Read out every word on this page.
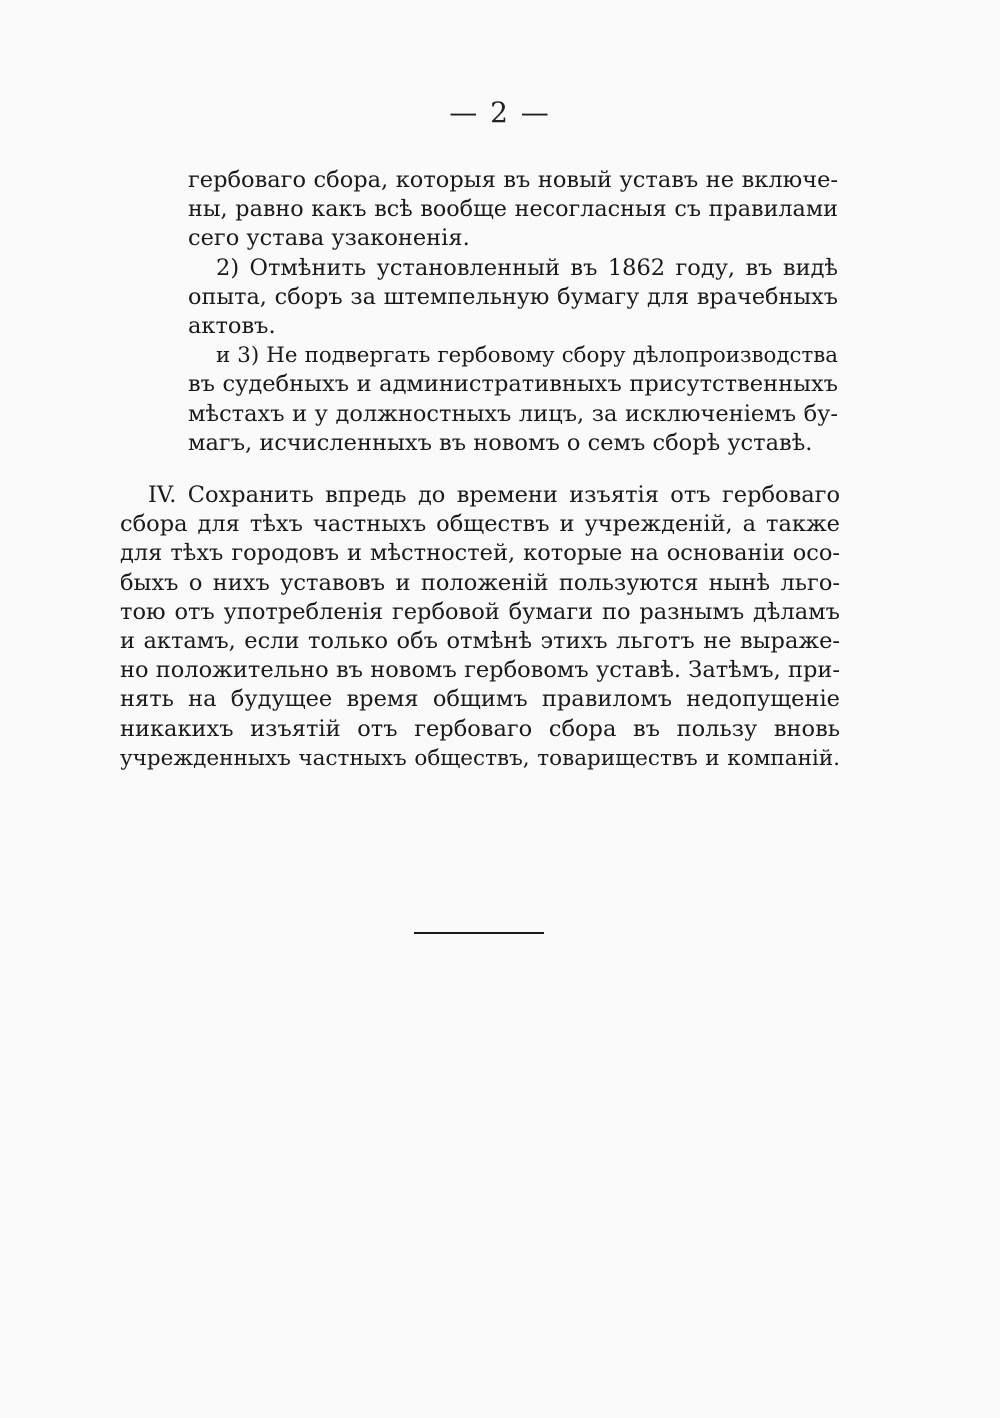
— 2 —
гербоваго сбора, которыя въ новый уставъ не включе-
ны, равно какъ всѣ вообще несогласныя съ правилами
сего устава узаконенія.
2) Отмѣнить установленный въ 1862 году, въ видѣ
опыта, сборъ за штемпельную бумагу для врачебныхъ
актовъ.
и 3) Не подвергать гербовому сбору дѣлопроизводства
въ судебныхъ и административныхъ присутственныхъ
мѣстахъ и у должностныхъ лицъ, за исключеніемъ бу-
магъ, исчисленныхъ въ новомъ о семъ сборѣ уставѣ.
IV. Сохранить впредь до времени изъятія отъ гербоваго
сбора для тѣхъ частныхъ обществъ и учрежденій, а также
для тѣхъ городовъ и мѣстностей, которые на основаніи осо-
быхъ о нихъ уставовъ и положеній пользуются нынѣ льго-
тою отъ употребленія гербовой бумаги по разнымъ дѣламъ
и актамъ, если только объ отмѣнѣ этихъ льготъ не выраже-
но положительно въ новомъ гербовомъ уставѣ. Затѣмъ, при-
нять на будущее время общимъ правиломъ недопущеніе
никакихъ изъятій отъ гербоваго сбора въ пользу вновь
учрежденныхъ частныхъ обществъ, товариществъ и компаній.
